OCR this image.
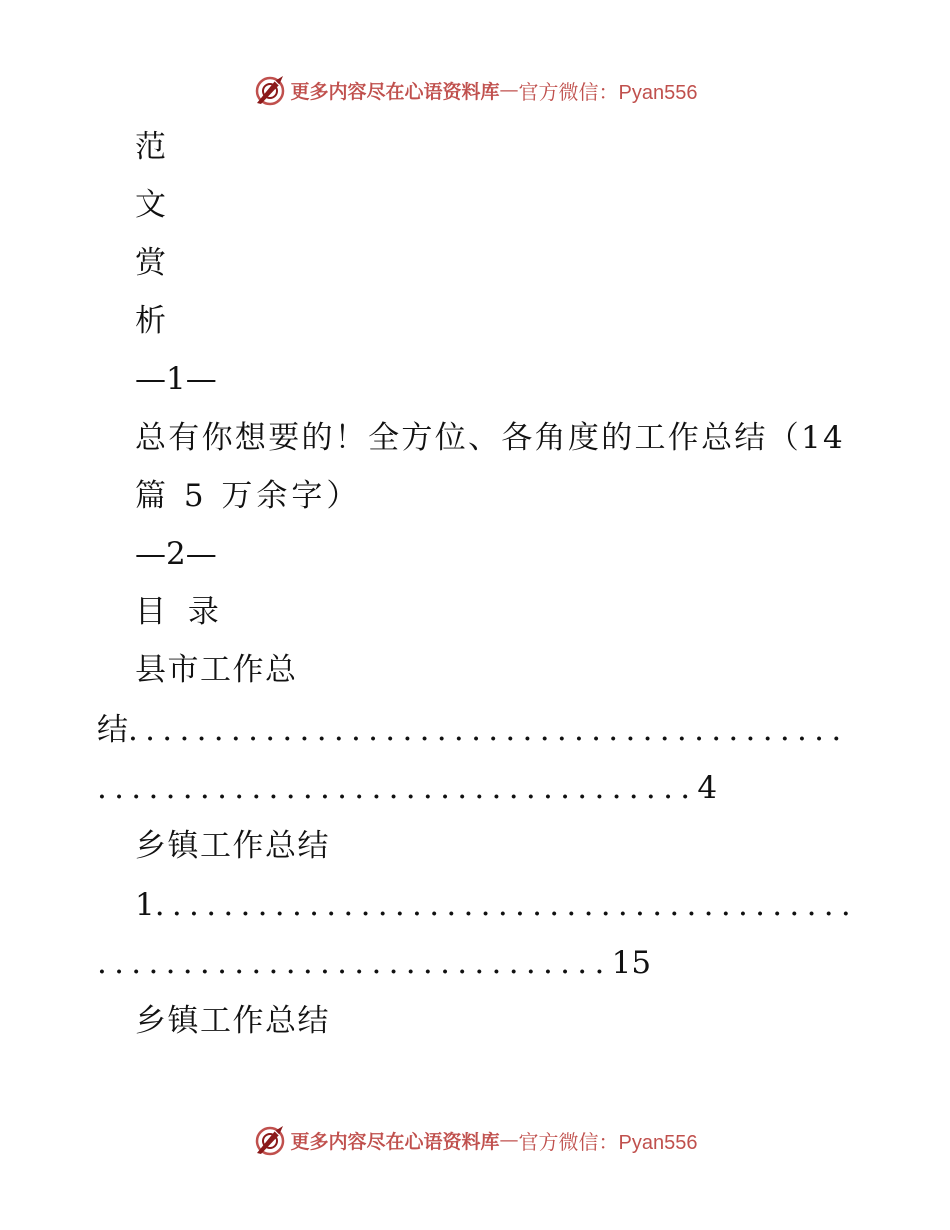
更多内容尽在心语资料库 — 官方微信：Pyan556

范

文

赏

析

—1—

总有你想要的！全方位、各角度的工作总结（14

篇 5 万余字）

—2—

目 录

县市工作总

结..........................................

...................................4

乡镇工作总结

1.........................................

..............................15

乡镇工作总结

更多内容尽在心语资料库 — 官方微信：Pyan556
